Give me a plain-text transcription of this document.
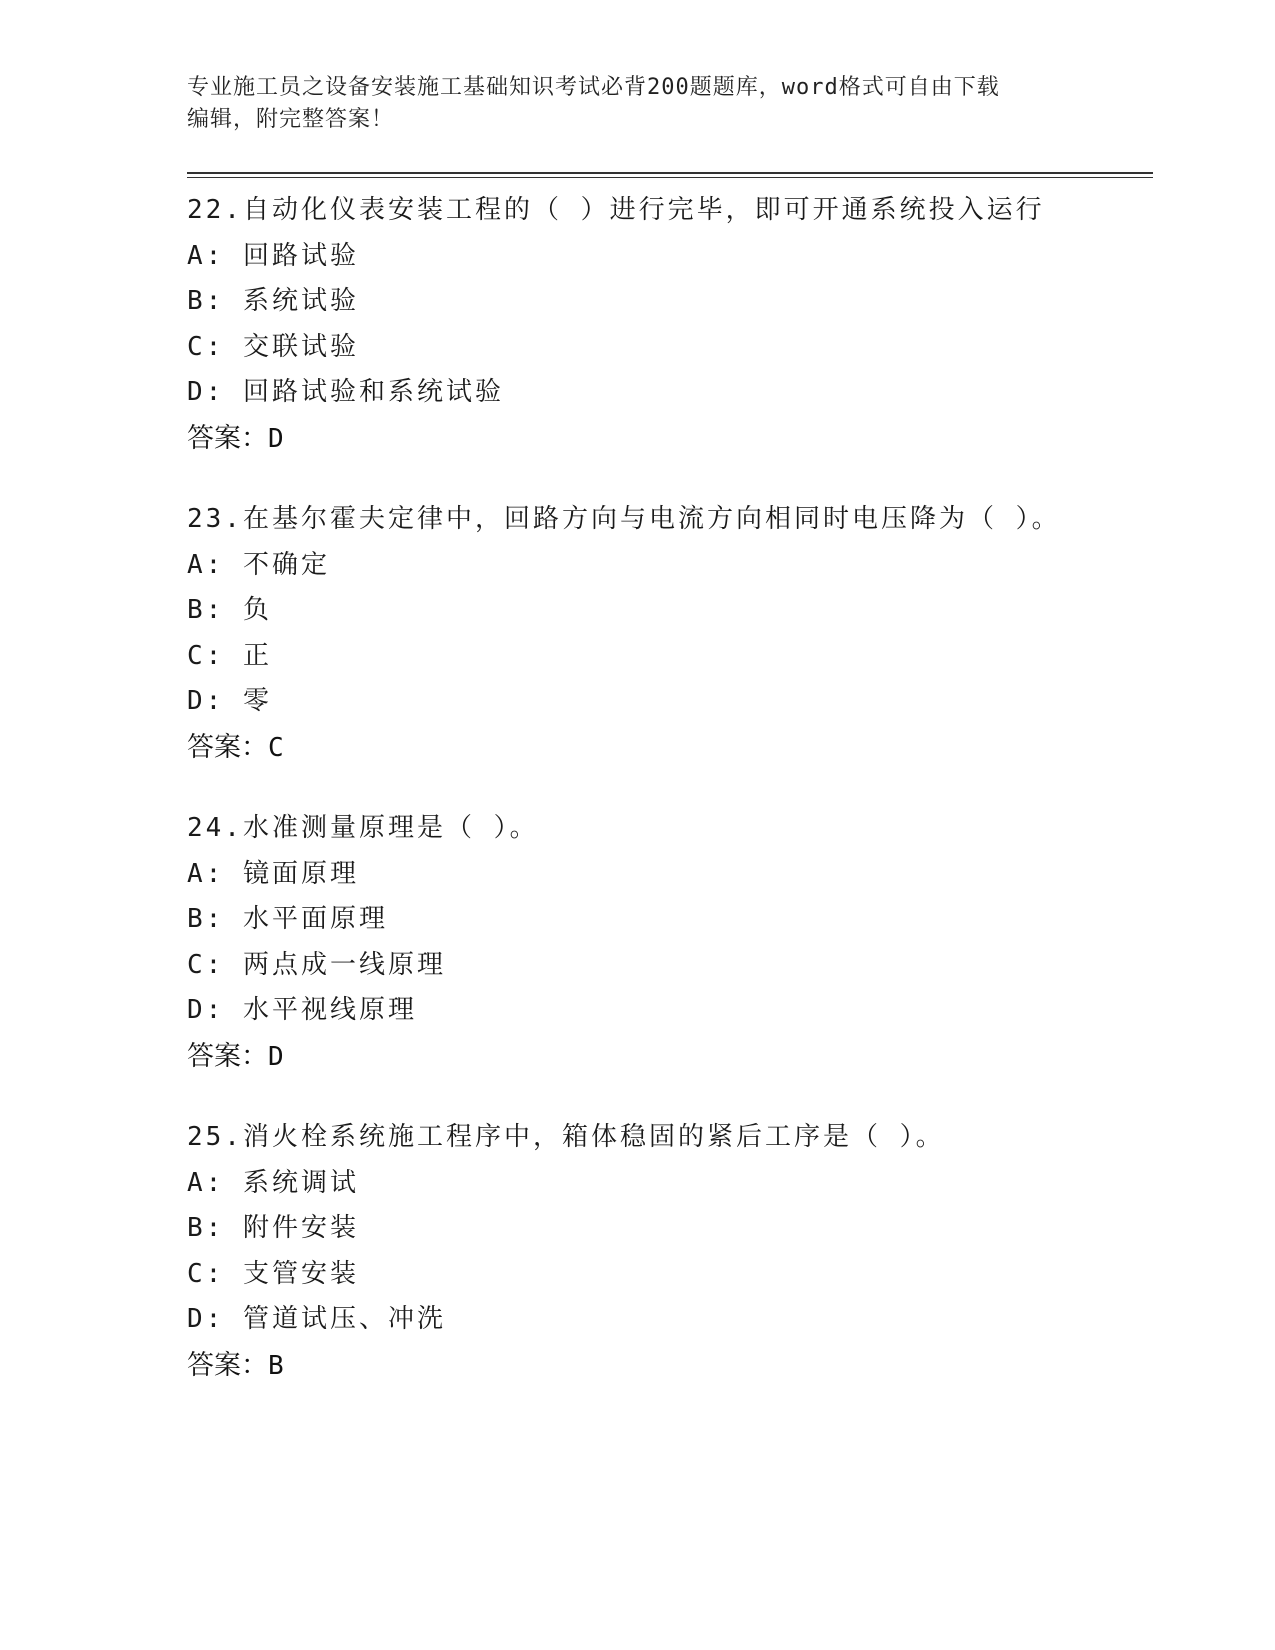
专业施工员之设备安装施工基础知识考试必背200题题库，word格式可自由下载
编辑，附完整答案！
22.自动化仪表安装工程的（ ）进行完毕，即可开通系统投入运行
A: 回路试验
B: 系统试验
C: 交联试验
D: 回路试验和系统试验
答案：D
23.在基尔霍夫定律中，回路方向与电流方向相同时电压降为（ ）。
A: 不确定
B: 负
C: 正
D: 零
答案：C
24.水准测量原理是（ ）。
A: 镜面原理
B: 水平面原理
C: 两点成一线原理
D: 水平视线原理
答案：D
25.消火栓系统施工程序中，箱体稳固的紧后工序是（ ）。
A: 系统调试
B: 附件安装
C: 支管安装
D: 管道试压、冲洗
答案：B
